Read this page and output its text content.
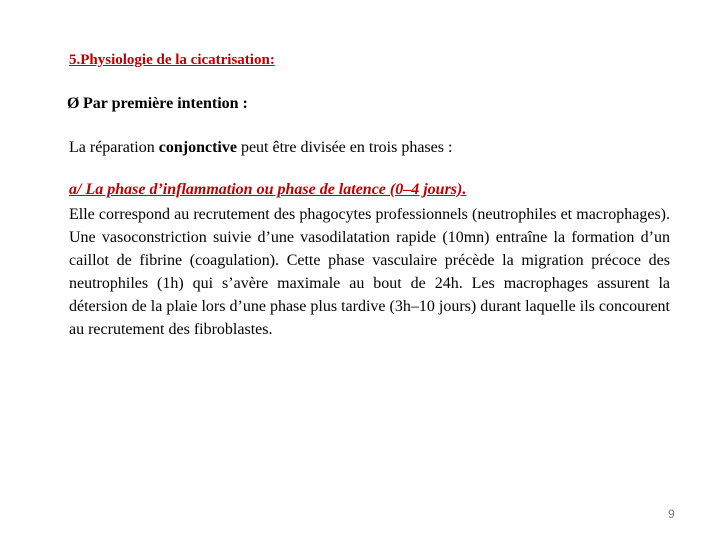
5.Physiologie de la cicatrisation:
Ø Par première intention :
La réparation conjonctive peut être divisée en trois phases :
a/ La phase d’inflammation ou phase de latence (0–4 jours).
Elle correspond au recrutement des phagocytes professionnels (neutrophiles et macrophages). Une vasoconstriction suivie d’une vasodilatation rapide (10mn) entraîne la formation d’un caillot de fibrine (coagulation). Cette phase vasculaire précède la migration précoce des neutrophiles (1h) qui s’avère maximale au bout de 24h. Les macrophages assurent la détersion de la plaie lors d’une phase plus tardive (3h–10 jours) durant laquelle ils concourent au recrutement des fibroblastes.
9
